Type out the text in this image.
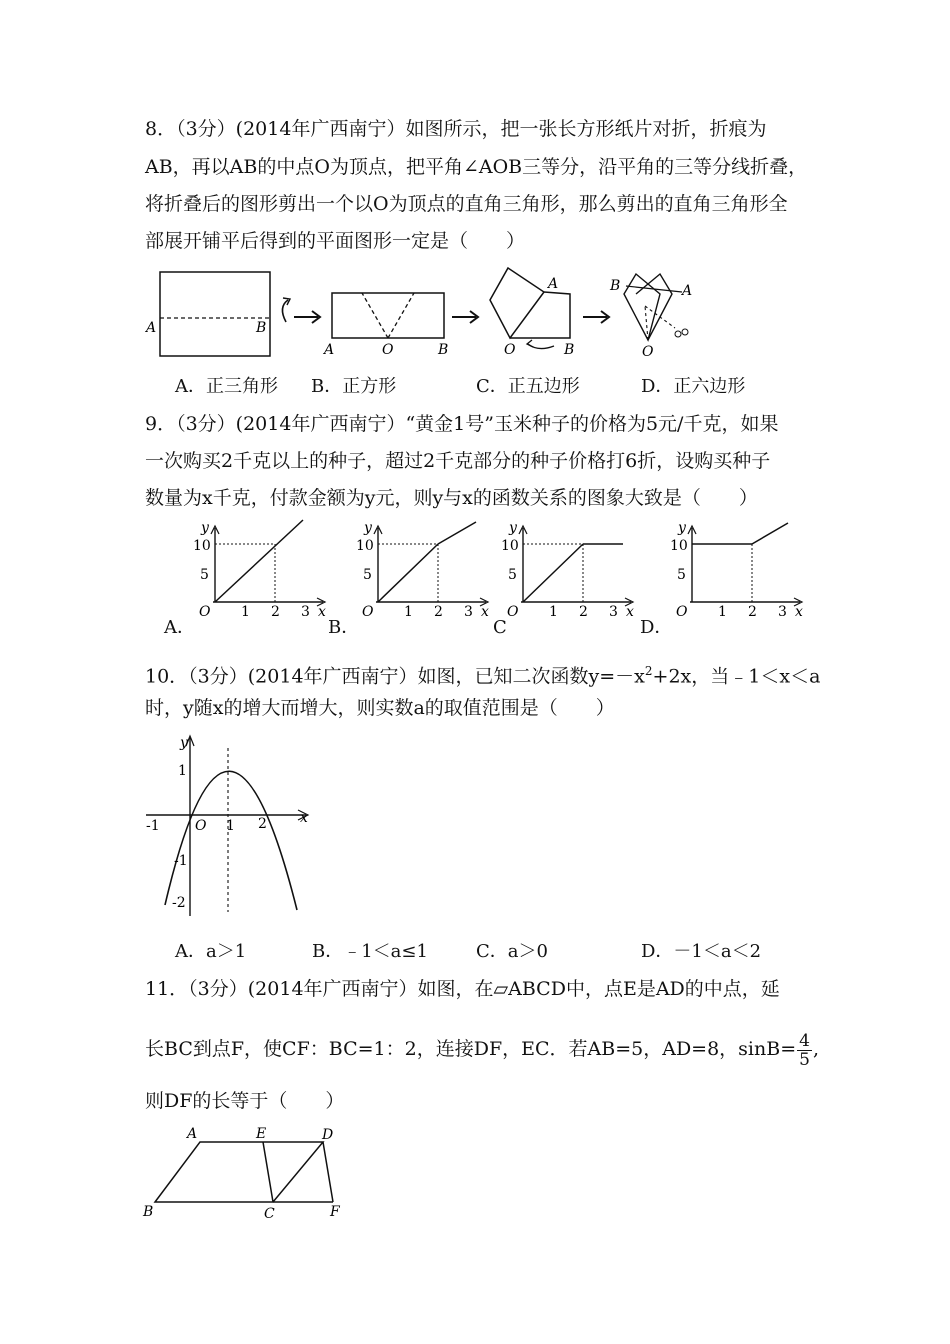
8．（3分）(2014年广西南宁）如图所示，把一张长方形纸片对折，折痕为
AB，再以AB的中点O为顶点，把平角∠AOB三等分，沿平角的三等分线折叠，
将折叠后的图形剪出一个以O为顶点的直角三角形，那么剪出的直角三角形全
部展开铺平后得到的平面图形一定是（　　）
A	B
A	O	B
A
O	B
B	A
O
A．正三角形 B．正方形	C．正五边形	D．正六边形
9．（3分）(2014年广西南宁）“黄金1号”玉米种子的价格为5元/千克，如果
一次购买2千克以上的种子，超过2千克部分的种子价格打6折，设购买种子
数量为x千克，付款金额为y元，则y与x的函数关系的图象大致是（　　）
y
10
5
O 1 2 3 x
y
10
5
O 1 2 3 x
y
10
5
O 1 2 3 x
y
10
5
O 1 2 3 x
A．	B．	C	D．
10．（3分）(2014年广西南宁）如图，已知二次函数$y=-x^2+2x$，当﹣1＜x＜a
时，y随x的增大而增大，则实数a的取值范围是（　　）
y
1
-1
-2
-1	O 1 2 x
A．a＞1	B．﹣1＜a≤1	C．a＞0	D．－1＜a＜2
11．（3分）(2014年广西南宁）如图，在▱ABCD中，点E是AD的中点，延
长BC到点F，使CF：BC=1：2，连接DF，EC．若AB=5，AD=8，$\sin B= \frac{4}{5}$ ,
则DF的长等于（　　）
A	E	D
B	C	F
